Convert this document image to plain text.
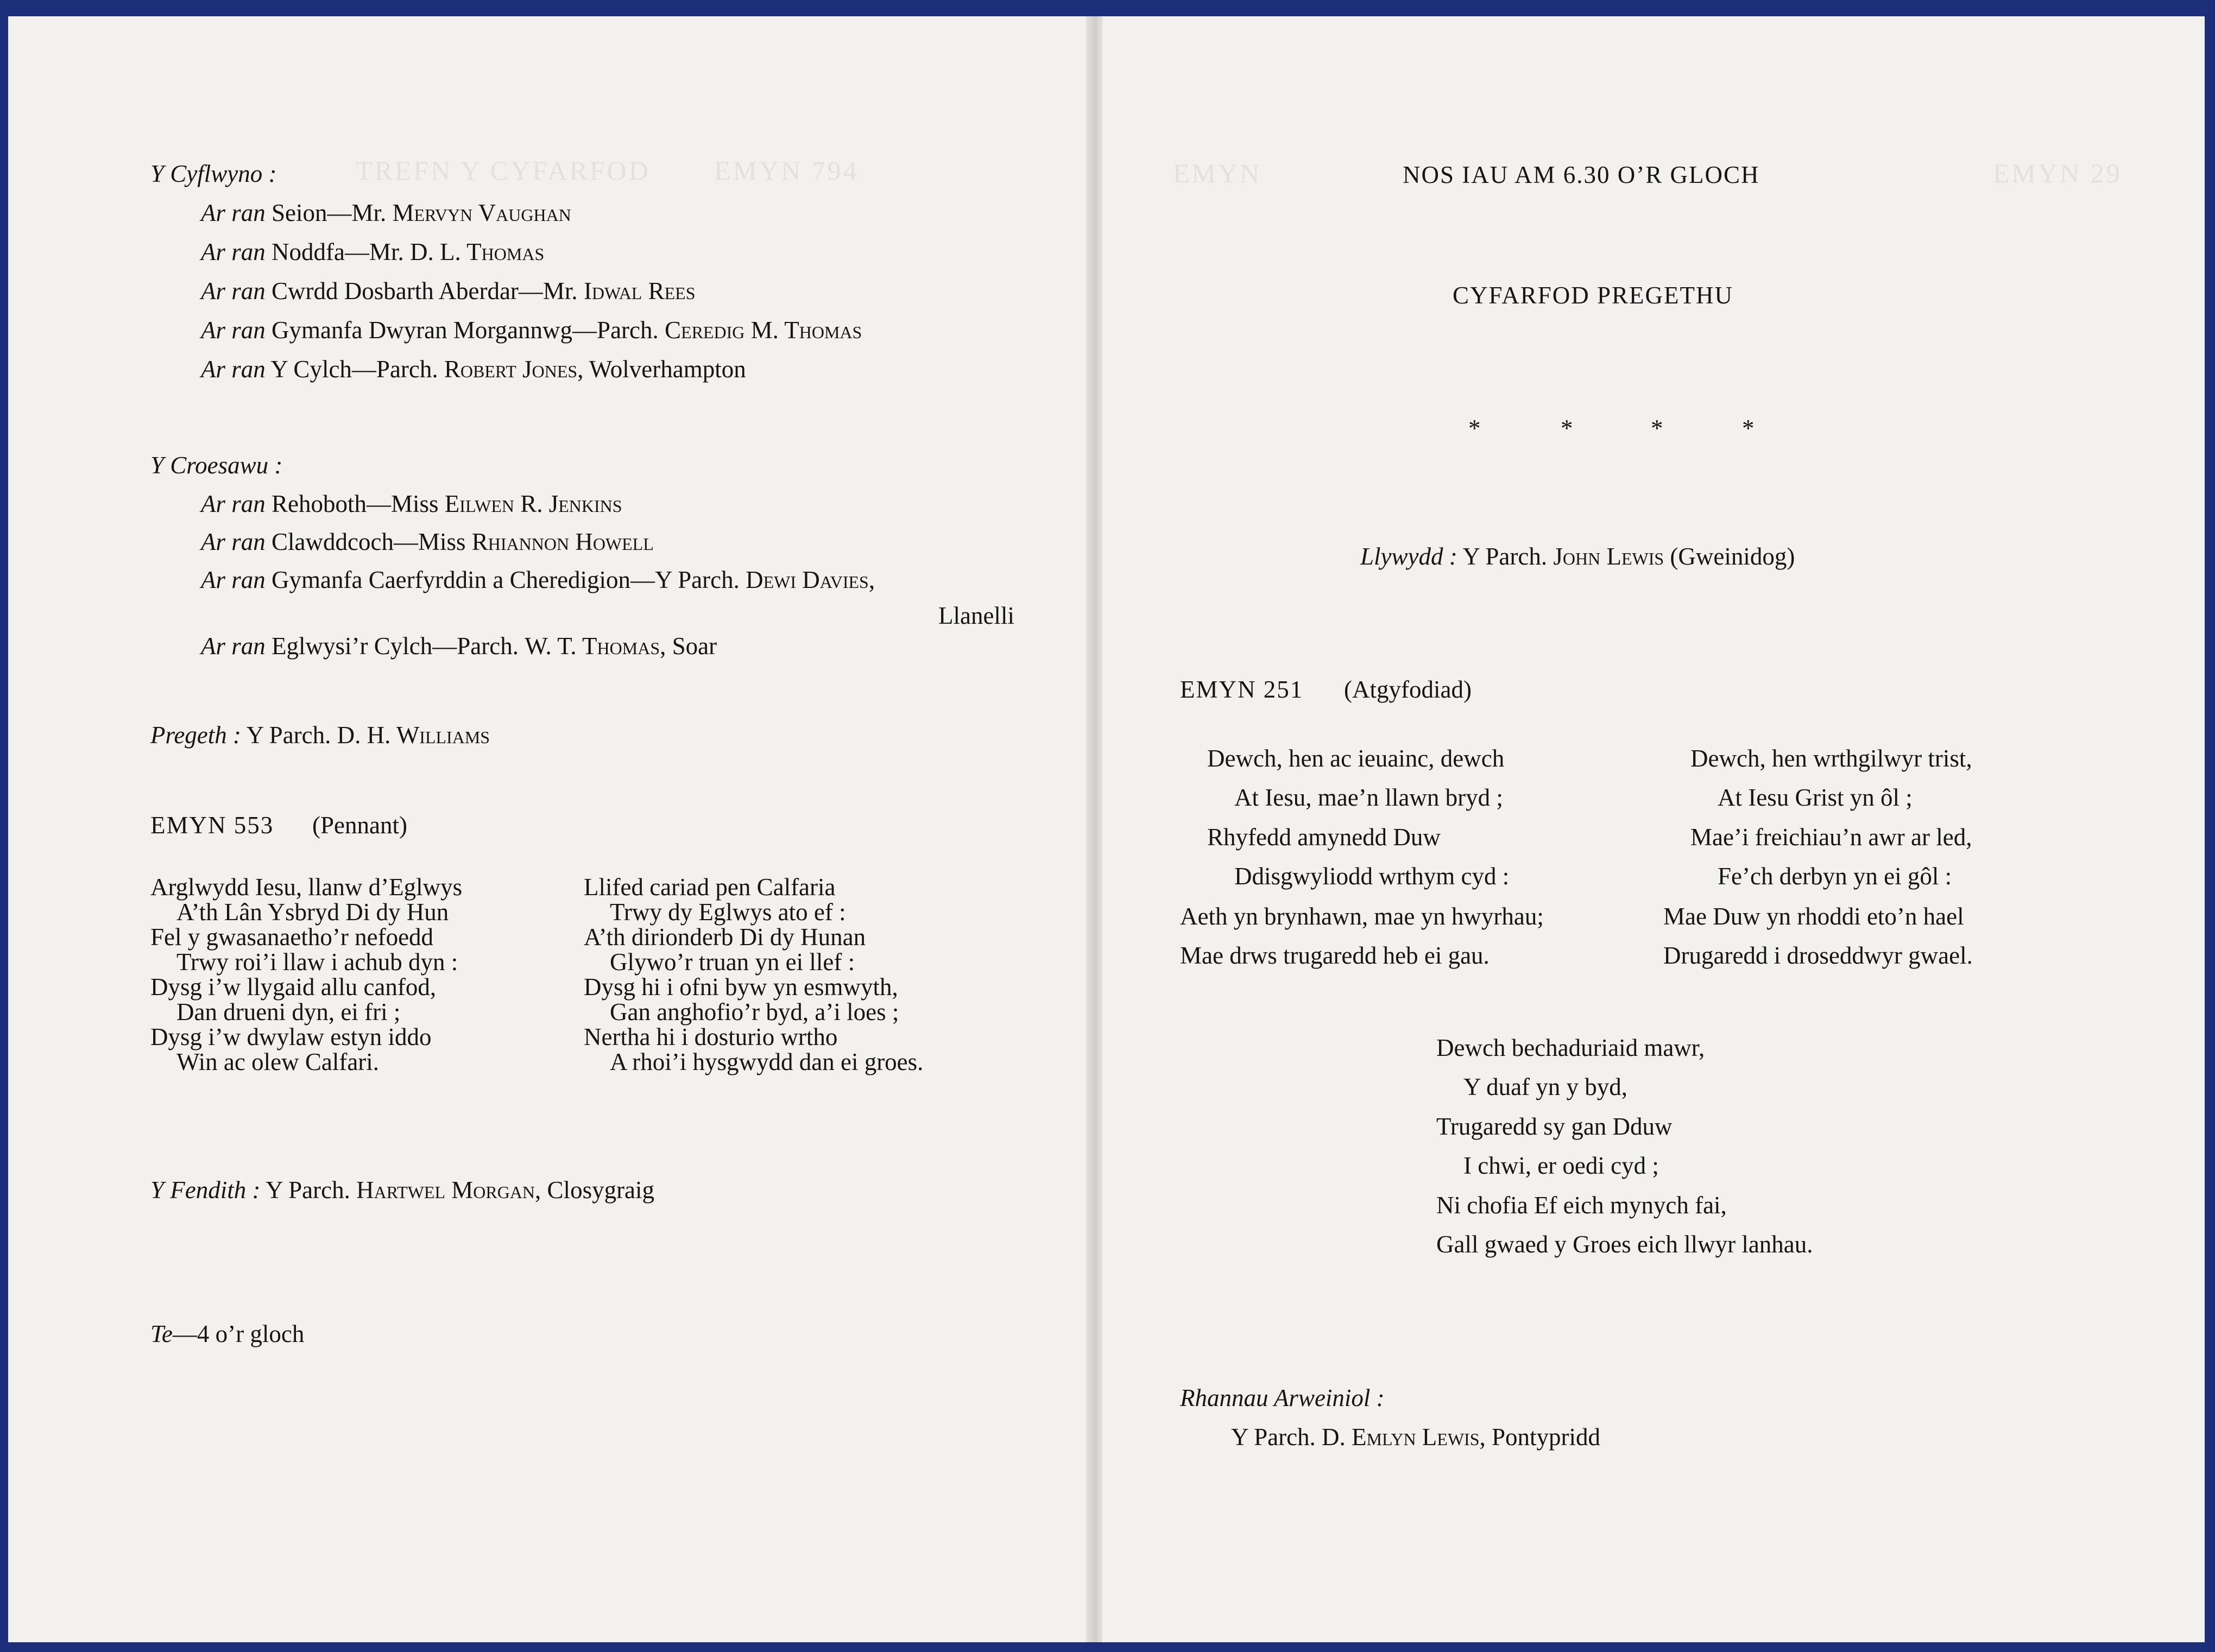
TREFN Y CYFARFOD EMYN 794
Y Cyflwyno :
Ar ran Seion—Mr. Mervyn Vaughan
Ar ran Noddfa—Mr. D. L. Thomas
Ar ran Cwrdd Dosbarth Aberdar—Mr. Idwal Rees
Ar ran Gymanfa Dwyran Morgannwg—Parch. Ceredig M. Thomas
Ar ran Y Cylch—Parch. Robert Jones, Wolverhampton
Y Croesawu :
Ar ran Rehoboth—Miss Eilwen R. Jenkins
Ar ran Clawddcoch—Miss Rhiannon Howell
Ar ran Gymanfa Caerfyrddin a Cheredigion—Y Parch. Dewi Davies,
Llanelli
Ar ran Eglwysi’r Cylch—Parch. W. T. Thomas, Soar
Pregeth : Y Parch. D. H. Williams
EMYN 553 (Pennant)
Arglwydd Iesu, llanw d’Eglwys
A’th Lân Ysbryd Di dy Hun
Fel y gwasanaetho’r nefoedd
Trwy roi’i llaw i achub dyn :
Dysg i’w llygaid allu canfod,
Dan drueni dyn, ei fri ;
Dysg i’w dwylaw estyn iddo
Win ac olew Calfari.
Llifed cariad pen Calfaria
Trwy dy Eglwys ato ef :
A’th dirionderb Di dy Hunan
Glywo’r truan yn ei llef :
Dysg hi i ofni byw yn esmwyth,
Gan anghofio’r byd, a’i loes ;
Nertha hi i dosturio wrtho
A rhoi’i hysgwydd dan ei groes.
Y Fendith : Y Parch. Hartwel Morgan, Closygraig
Te—4 o’r gloch
EMYN	EMYN 29
NOS IAU AM 6.30 O’R GLOCH
CYFARFOD PREGETHU
*	*	*	*
Llywydd : Y Parch. John Lewis (Gweinidog)
EMYN 251 (Atgyfodiad)
Dewch, hen ac ieuainc, dewch
At Iesu, mae’n llawn bryd ;
Rhyfedd amynedd Duw
Ddisgwyliodd wrthym cyd :
Aeth yn brynhawn, mae yn hwyrhau;
Mae drws trugaredd heb ei gau.
Dewch, hen wrthgilwyr trist,
At Iesu Grist yn ôl ;
Mae’i freichiau’n awr ar led,
Fe’ch derbyn yn ei gôl :
Mae Duw yn rhoddi eto’n hael
Drugaredd i droseddwyr gwael.
Dewch bechaduriaid mawr,
Y duaf yn y byd,
Trugaredd sy gan Dduw
I chwi, er oedi cyd ;
Ni chofia Ef eich mynych fai,
Gall gwaed y Groes eich llwyr lanhau.
Rhannau Arweiniol :
Y Parch. D. Emlyn Lewis, Pontypridd
